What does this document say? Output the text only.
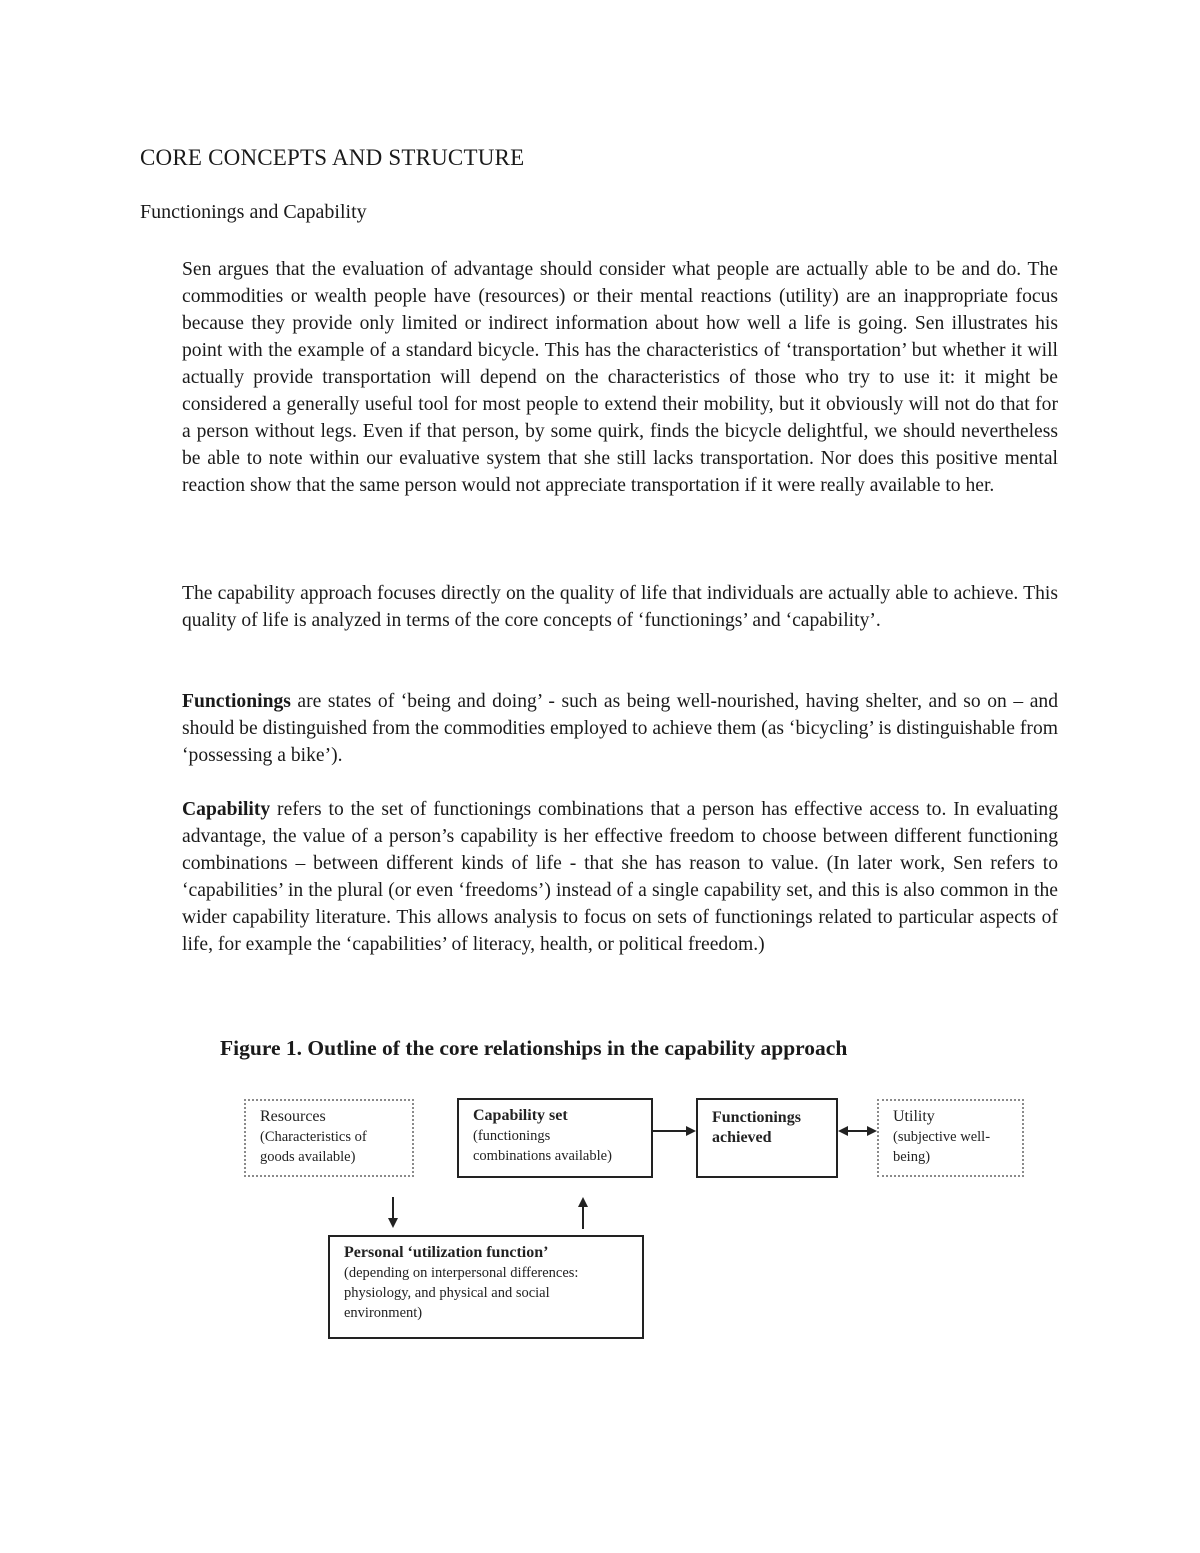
CORE CONCEPTS AND STRUCTURE
Functionings and Capability

Sen argues that the evaluation of advantage should consider what people are actually able to be and do. The commodities or wealth people have (resources) or their mental reactions (utility) are an inappropriate focus because they provide only limited or indirect information about how well a life is going. Sen illustrates his point with the example of a standard bicycle. This has the characteristics of ‘transportation’ but whether it will actually provide transportation will depend on the characteristics of those who try to use it: it might be considered a generally useful tool for most people to extend their mobility, but it obviously will not do that for a person without legs. Even if that person, by some quirk, finds the bicycle delightful, we should nevertheless be able to note within our evaluative system that she still lacks transportation. Nor does this positive mental reaction show that the same person would not appreciate transportation if it were really available to her.

The capability approach focuses directly on the quality of life that individuals are actually able to achieve. This quality of life is analyzed in terms of the core concepts of ‘functionings’ and ‘capability’.

Functionings are states of ‘being and doing’ - such as being well-nourished, having shelter, and so on – and should be distinguished from the commodities employed to achieve them (as ‘bicycling’ is distinguishable from ‘possessing a bike’).

Capability refers to the set of functionings combinations that a person has effective access to. In evaluating advantage, the value of a person’s capability is her effective freedom to choose between different functioning combinations – between different kinds of life - that she has reason to value. (In later work, Sen refers to ‘capabilities’ in the plural (or even ‘freedoms’) instead of a single capability set, and this is also common in the wider capability literature. This allows analysis to focus on sets of functionings related to particular aspects of life, for example the ‘capabilities’ of literacy, health, or political freedom.)

Figure 1. Outline of the core relationships in the capability approach
Resources
(Characteristics of
goods available)
Capability set
(functionings
combinations available)
Functionings
achieved
Utility
(subjective well-
being)
Personal ‘utilization function’
(depending on interpersonal differences:
physiology, and physical and social
environment)
